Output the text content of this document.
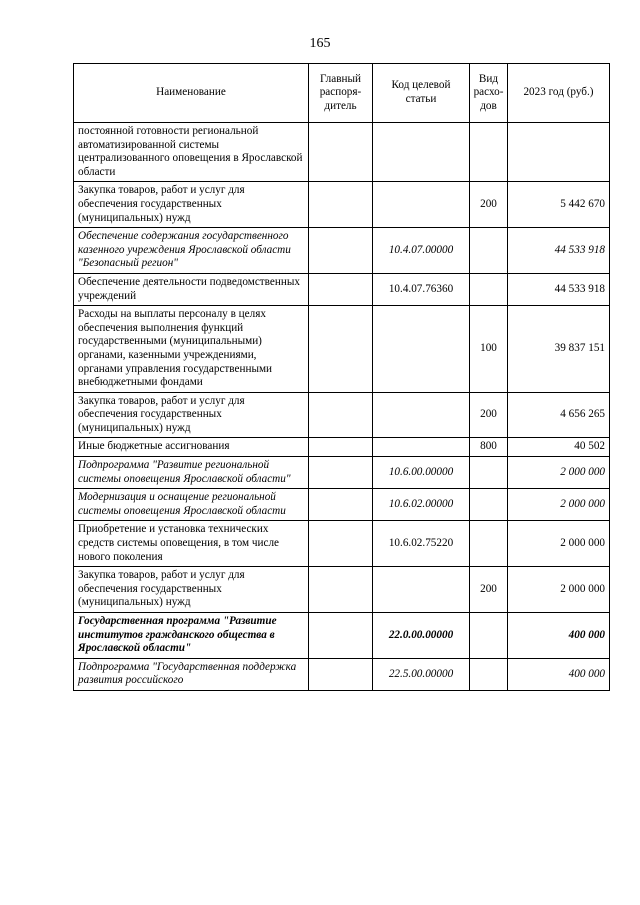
165
Наименование	Главный распоря-дитель	Код целевой статьи	Вид расхо-дов	2023 год (руб.)
постоянной готовности региональной автоматизированной системы централизованного оповещения в Ярославской области				
Закупка товаров, работ и услуг для обеспечения государственных (муниципальных) нужд			200	5 442 670
Обеспечение содержания государственного казенного учреждения Ярославской области "Безопасный регион"		10.4.07.00000		44 533 918
Обеспечение деятельности подведомственных учреждений		10.4.07.76360		44 533 918
Расходы на выплаты персоналу в целях обеспечения выполнения функций государственными (муниципальными) органами, казенными учреждениями, органами управления государственными внебюджетными фондами			100	39 837 151
Закупка товаров, работ и услуг для обеспечения государственных (муниципальных) нужд			200	4 656 265
Иные бюджетные ассигнования			800	40 502
Подпрограмма "Развитие региональной системы оповещения Ярославской области"		10.6.00.00000		2 000 000
Модернизация и оснащение региональной системы оповещения Ярославской области		10.6.02.00000		2 000 000
Приобретение и установка технических средств системы оповещения, в том числе нового поколения		10.6.02.75220		2 000 000
Закупка товаров, работ и услуг для обеспечения государственных (муниципальных) нужд			200	2 000 000
Государственная программа "Развитие институтов гражданского общества в Ярославской области"		22.0.00.00000		400 000
Подпрограмма "Государственная поддержка развития российского		22.5.00.00000		400 000
